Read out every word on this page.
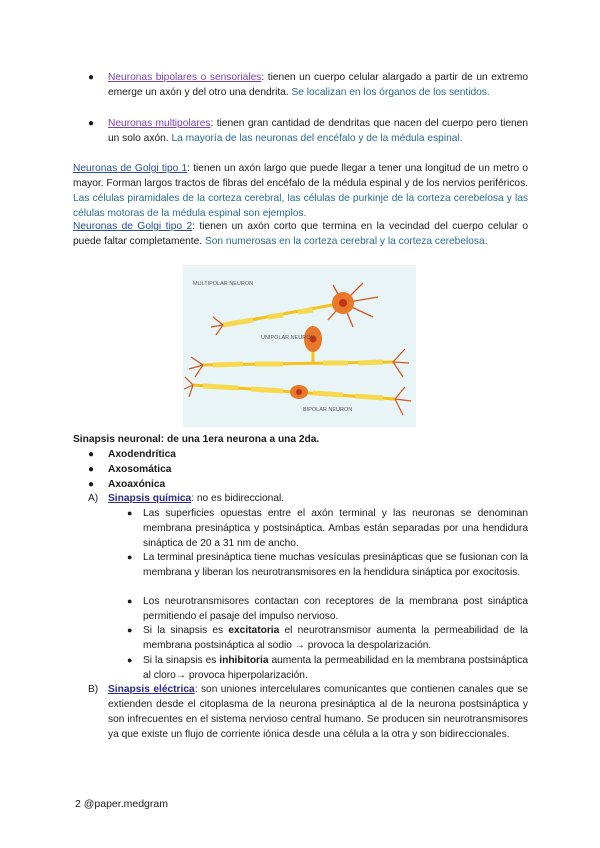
● Neuronas bipolares o sensoriales: tienen un cuerpo celular alargado a partir de un extremo emerge un axón y del otro una dendrita. Se localizan en los órganos de los sentidos.

● Neuronas multipolares: tienen gran cantidad de dendritas que nacen del cuerpo pero tienen un solo axón. La mayoría de las neuronas del encéfalo y de la médula espinal.

Neuronas de Golgi tipo 1: tienen un axón largo que puede llegar a tener una longitud de un metro o mayor. Forman largos tractos de fibras del encéfalo de la médula espinal y de los nervios periféricos. Las células piramidales de la corteza cerebral, las células de purkinje de la corteza cerebelosa y las células motoras de la médula espinal son ejemplos.

Neuronas de Golgi tipo 2: tienen un axón corto que termina en la vecindad del cuerpo celular o puede faltar completamente. Son numerosas en la corteza cerebral y la corteza cerebelosa.

MULTIPOLAR NEURON
UNIPOLAR NEURON
BIPOLAR NEURON

Sinapsis neuronal: de una 1era neurona a una 2da.

● Axodendrítica

● Axosomática

● Axoaxónica

A) Sinapsis química: no es bidireccional.

● Las superficies opuestas entre el axón terminal y las neuronas se denominan membrana presináptica y postsináptica. Ambas están separadas por una hendidura sináptica de 20 a 31 nm de ancho.

● La terminal presináptica tiene muchas vesículas presinápticas que se fusionan con la membrana y liberan los neurotransmisores en la hendidura sináptica por exocitosis.

● Los neurotransmisores contactan con receptores de la membrana post sináptica permitiendo el pasaje del impulso nervioso.

● Si la sinapsis es excitatoria el neurotransmisor aumenta la permeabilidad de la membrana postsináptica al sodio → provoca la despolarización.

● Si la sinapsis es inhibitoria aumenta la permeabilidad en la membrana postsináptica al cloro→ provoca hiperpolarización.

B) Sinapsis eléctrica: son uniones intercelulares comunicantes que contienen canales que se extienden desde el citoplasma de la neurona presináptica al de la neurona postsináptica y son infrecuentes en el sistema nervioso central humano. Se producen sin neurotransmisores ya que existe un flujo de corriente iónica desde una célula a la otra y son bidireccionales.

2 @paper.medgram
